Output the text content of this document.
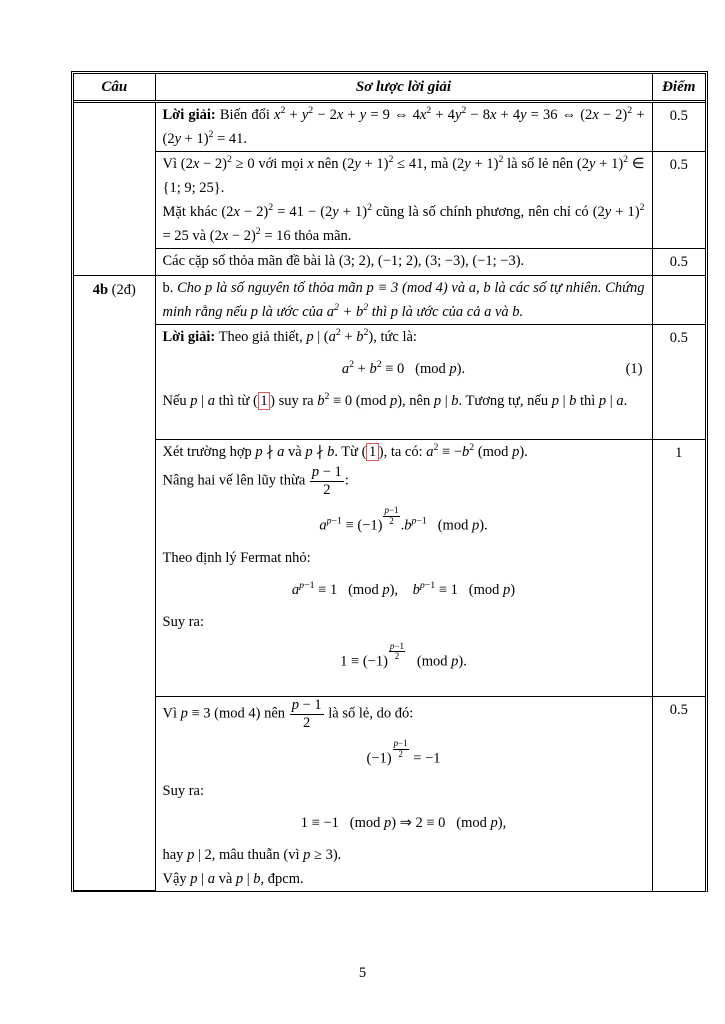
Câu	Sơ lược lời giải	Điểm

	Lời giải: Biến đổi $x^2 + y^2 - 2x + y = 9$ ⇔ $4x^2 + 4y^2 - 8x + 4y = 36$ ⇔ $(2x - 2)^2 + (2y + 1)^2 = 41$.	0.5

	Vì $(2x - 2)^2 \ge 0$ với mọi x nên $(2y + 1)^2 \le 41$, mà $(2y + 1)^2$ là số lẻ nên $(2y + 1)^2$ ∈ {1; 9; 25}.

Mặt khác $(2x - 2)^2 = 41 - (2y + 1)^2$ cũng là số chính phương, nên chỉ có $(2y + 1)^2 = 25$ và $(2x - 2)^2 = 16$ thỏa mãn.	0.5

	Các cặp số thỏa mãn đề bài là (3; 2), (−1; 2), (3; −3), (−1; −3).	0.5
4b (2đ)	b. Cho p là số nguyên tố thỏa mãn p ≡ 3 (mod 4) và a, b là các số tự nhiên. Chứng minh rằng nếu p là ước của $a^2 + b^2$ thì p là ước của cả a và b.	

	Lời giải: Theo giả thiết, p | $(a^2 + b^2)$, tức là:

$a^2 + b^2 \equiv 0$   (mod p). (1)

Nếu p | a thì từ ( 1 ) suy ra $b^2 \equiv 0$ (mod p), nên p | b. Tương tự, nếu p | b thì p | a.	0.5

Xét trường hợp p ∤ a và p ∤ b. Từ ( 1 ), ta có: $a^2 \equiv -b^2$ (mod p).

Nâng hai vế lên lũy thừa $\frac{p - 1}{2}$ :

$a^{p-1} \equiv (-1)$ $^{\frac{p-1}{2}}$ $.b^{p-1}$   (mod p).

Theo định lý Fermat nhỏ:

$a^{p-1} \equiv 1$   (mod p),    $b^{p-1} \equiv 1$   (mod p)

Suy ra:

1 ≡ (−1) $^{\frac{p-1}{2}}$ (mod p).
	1

Vì p ≡ 3 (mod 4) nên $\frac{p - 1}{2}$ là số lẻ, do đó:

(−1) $^{\frac{p-1}{2}}$ = −1

Suy ra:

1 ≡ −1   (mod p) ⇒ 2 ≡ 0   (mod p),

hay p | 2, mâu thuẫn (vì p ≥ 3).

Vậy p | a và p | b, đpcm.

	0.5
5
